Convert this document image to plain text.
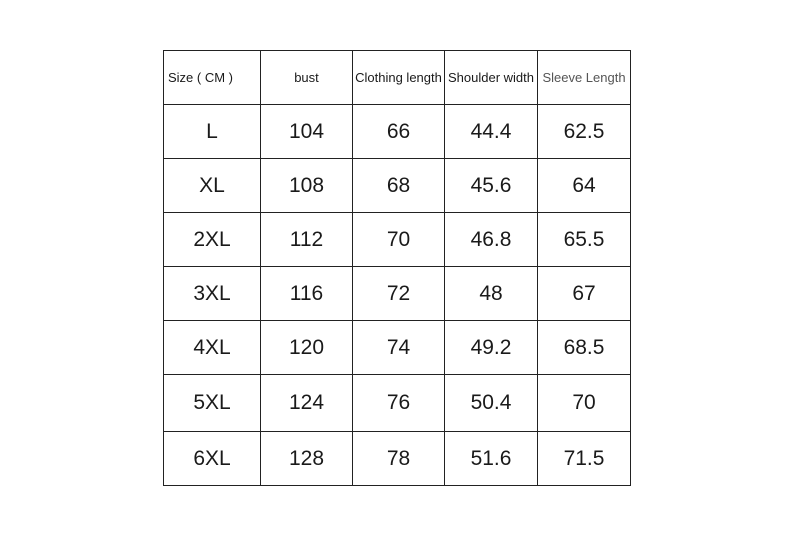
Size ( CM )	bust	Clothing length	Shoulder width	Sleeve Length
L	104	66	44.4	62.5
XL	108	68	45.6	64
2XL	112	70	46.8	65.5
3XL	116	72	48	67
4XL	120	74	49.2	68.5
5XL	124	76	50.4	70
6XL	128	78	51.6	71.5
